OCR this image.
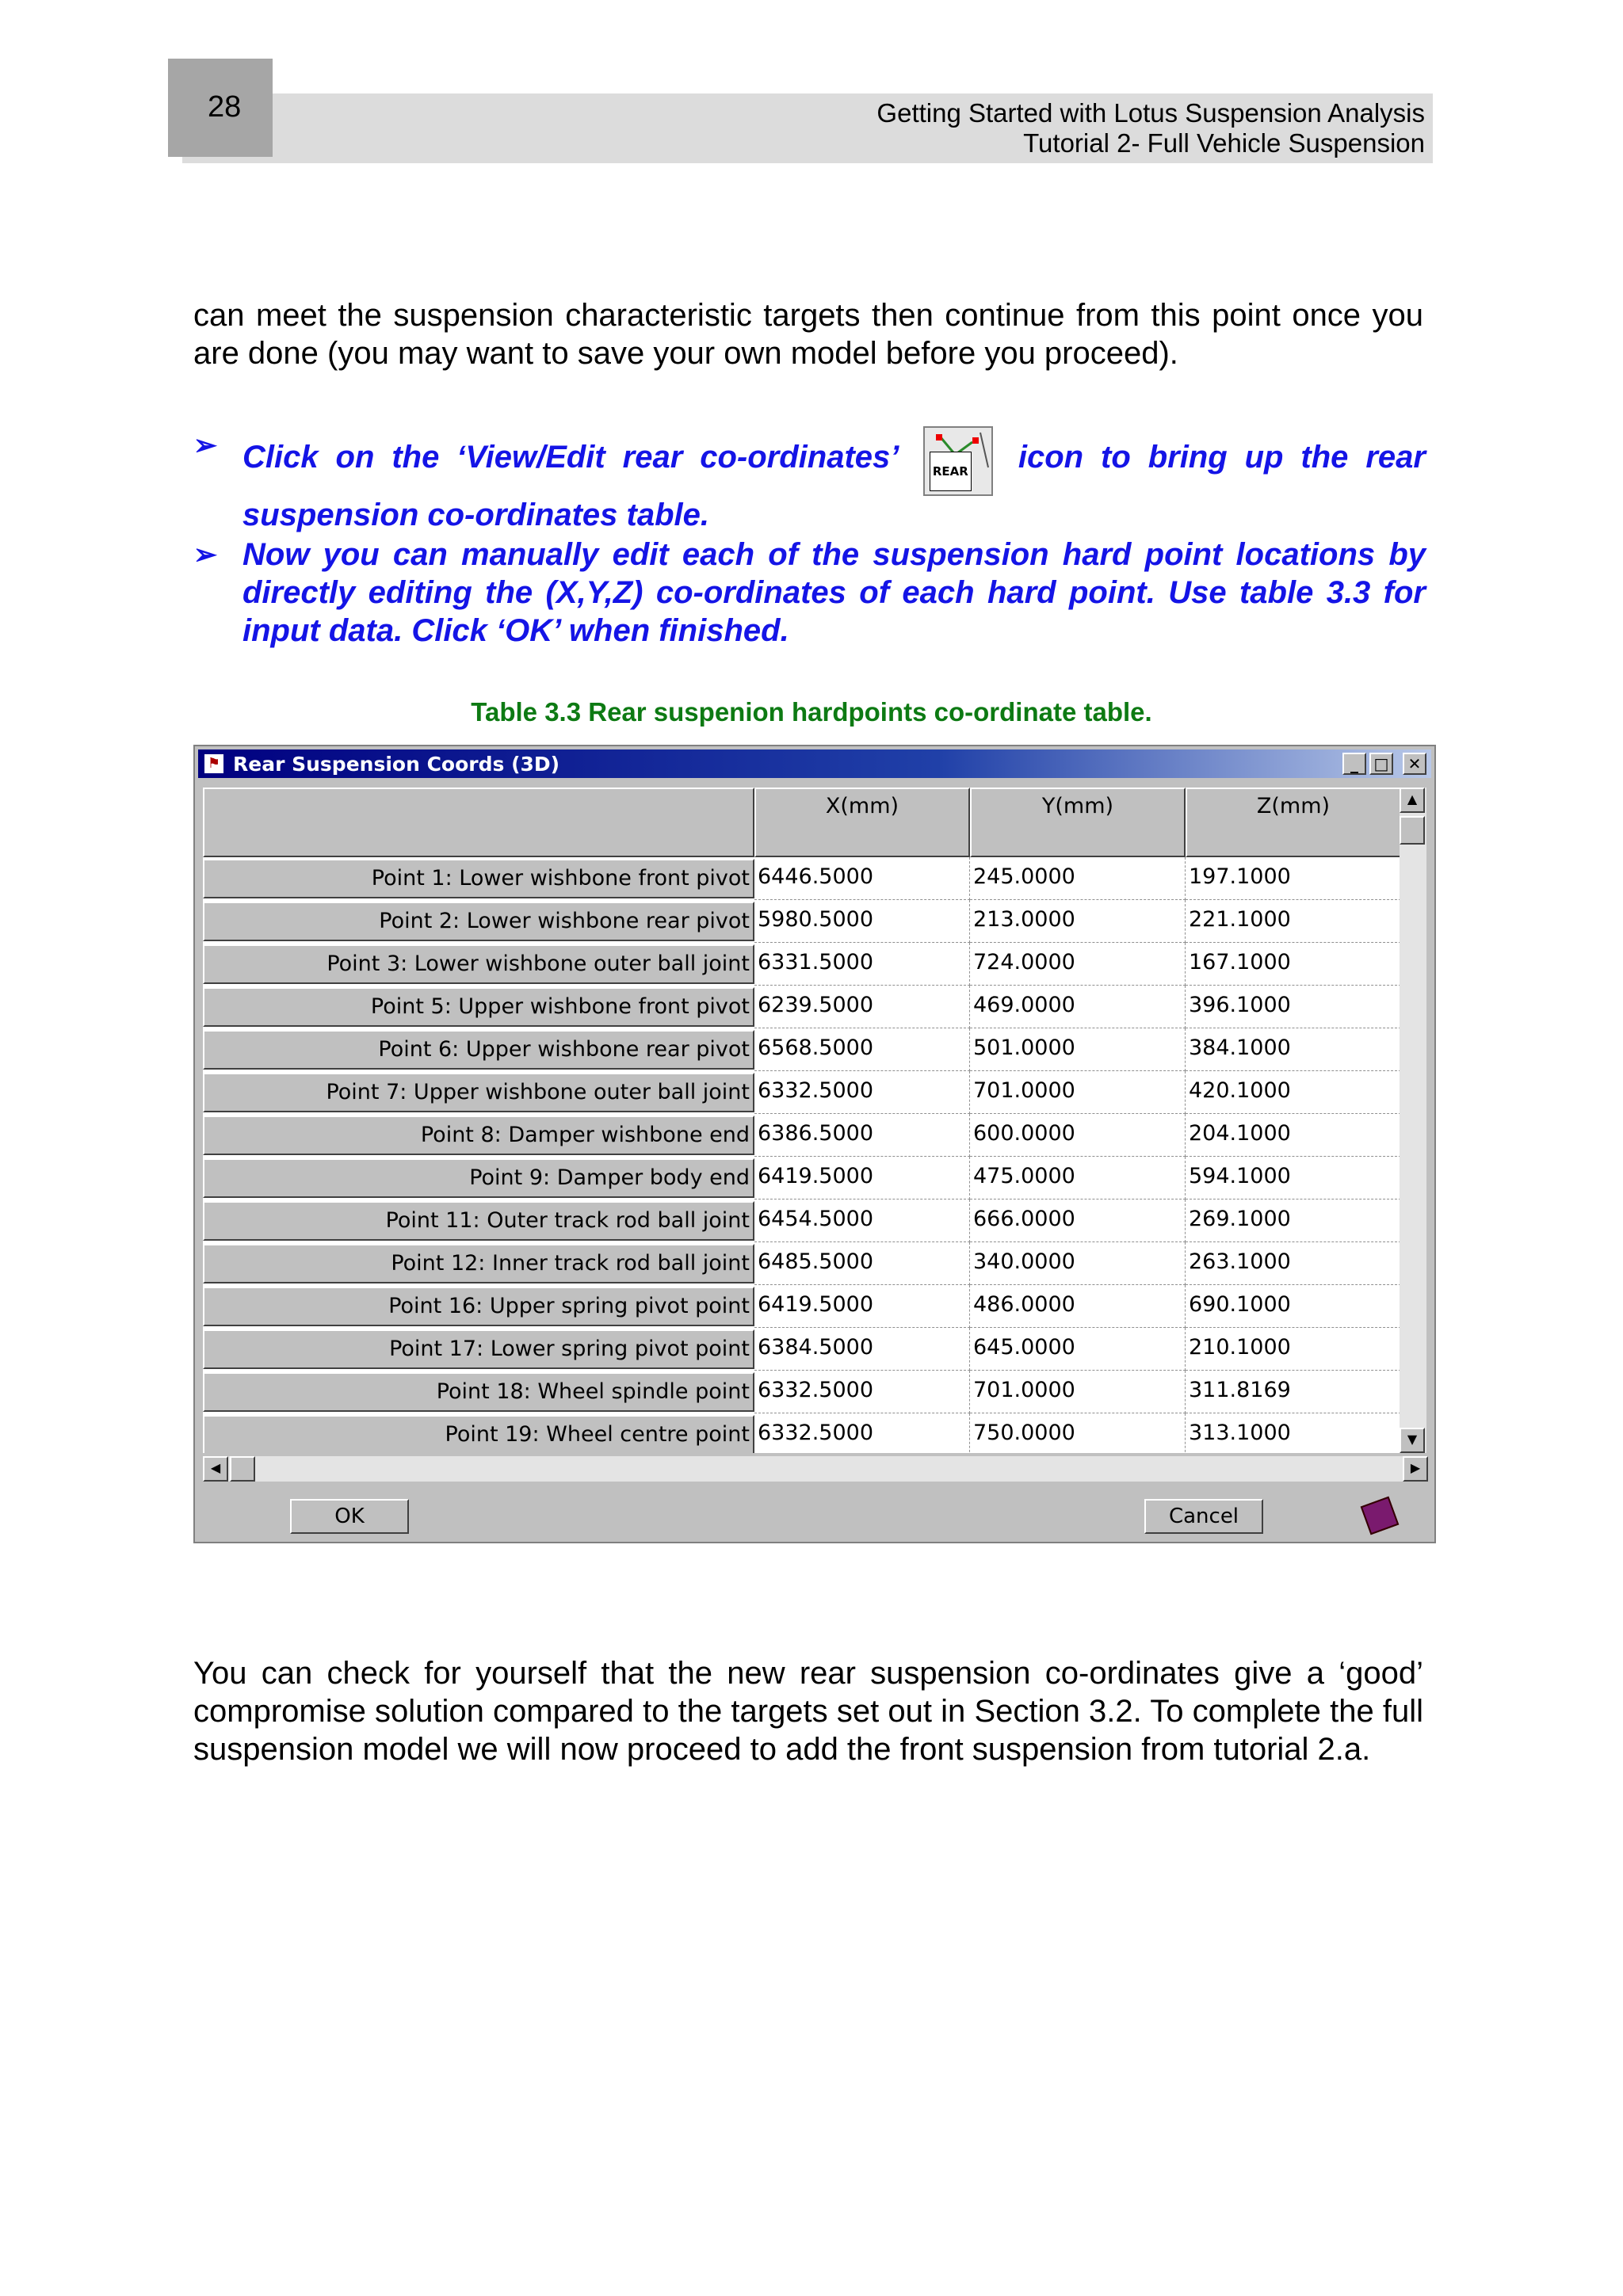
28	Getting Started with Lotus Suspension Analysis
Tutorial 2- Full Vehicle Suspension
can meet the suspension characteristic targets then continue from this point once you are done (you may want to save your own model before you proceed).
➢ Click on the ‘View/Edit rear co-ordinates’	REAR icon to bring up the rear suspension co-ordinates table.
➢ Now you can manually edit each of the suspension hard point locations by directly editing the (X,Y,Z) co-ordinates of each hard point. Use table 3.3 for input data. Click ‘OK’ when finished.
Table 3.3 Rear suspenion hardpoints co-ordinate table.
⚑ Rear Suspension Coords (3D)	_ □	✕
X(mm)	Y(mm)	Z(mm)
Point 1: Lower wishbone front pivot 6446.5000	245.0000	197.1000
Point 2: Lower wishbone rear pivot 5980.5000	213.0000	221.1000
Point 3: Lower wishbone outer ball joint 6331.5000	724.0000	167.1000
Point 5: Upper wishbone front pivot 6239.5000	469.0000	396.1000
Point 6: Upper wishbone rear pivot 6568.5000	501.0000	384.1000
Point 7: Upper wishbone outer ball joint 6332.5000	701.0000	420.1000
Point 8: Damper wishbone end 6386.5000	600.0000	204.1000
Point 9: Damper body end 6419.5000	475.0000	594.1000
Point 11: Outer track rod ball joint 6454.5000	666.0000	269.1000
Point 12: Inner track rod ball joint 6485.5000	340.0000	263.1000
Point 16: Upper spring pivot point 6419.5000	486.0000	690.1000
Point 17: Lower spring pivot point 6384.5000	645.0000	210.1000
Point 18: Wheel spindle point 6332.5000	701.0000	311.8169
Point 19: Wheel centre point 6332.5000	750.0000	313.1000
▲
▼
◀	▶
OK	Cancel
You can check for yourself that the new rear suspension co-ordinates give a ‘good’ compromise solution compared to the targets set out in Section 3.2. To complete the full suspension model we will now proceed to add the front suspension from tutorial 2.a.
